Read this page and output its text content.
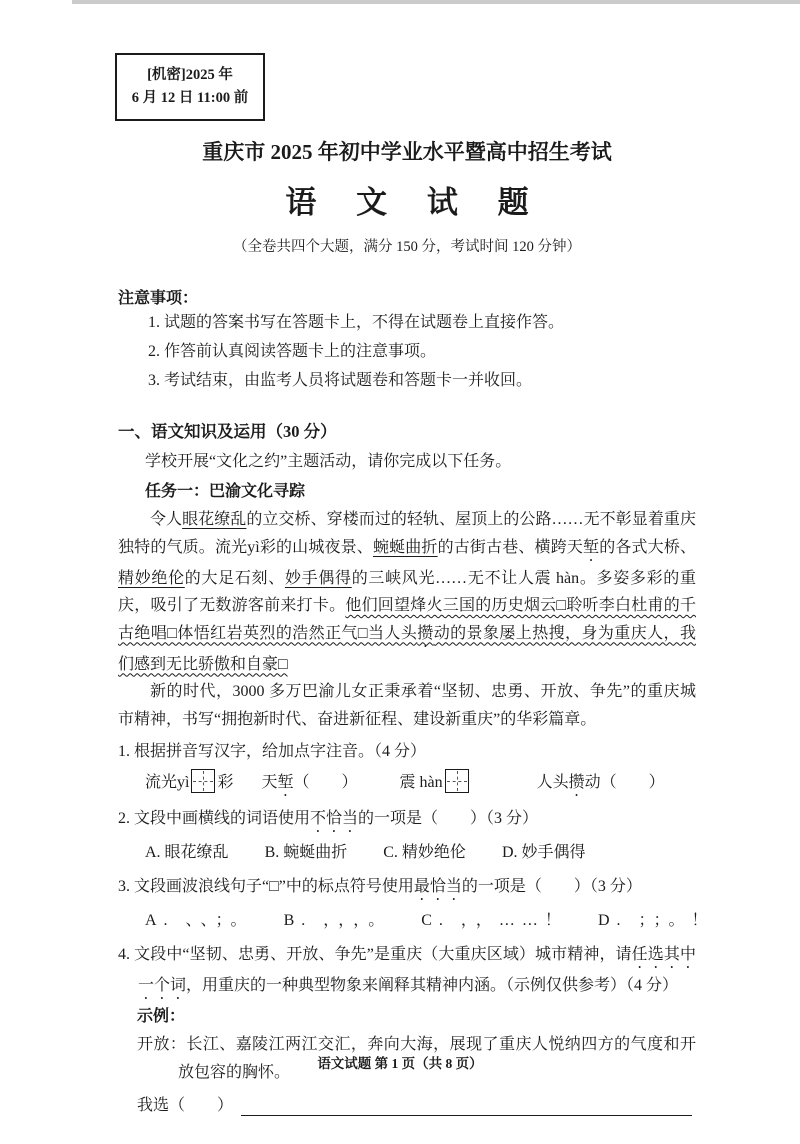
[机密]2025 年
6 月 12 日 11:00 前
重庆市 2025 年初中学业水平暨高中招生考试
语 文 试 题
（全卷共四个大题，满分 150 分，考试时间 120 分钟）
注意事项：
1. 试题的答案书写在答题卡上，不得在试题卷上直接作答。
2. 作答前认真阅读答题卡上的注意事项。
3. 考试结束，由监考人员将试题卷和答题卡一并收回。
一、语文知识及运用（30 分）
学校开展“文化之约”主题活动，请你完成以下任务。
任务一：巴渝文化寻踪

令人眼花缭乱的立交桥、穿楼而过的轻轨、屋顶上的公路……无不彰显着重庆独特的气质。流光yì彩的山城夜景、蜿蜒曲折的古街古巷、横跨天堑的各式大桥、精妙绝伦的大足石刻、妙手偶得的三峡风光……无不让人震 hàn。多姿多彩的重庆，吸引了无数游客前来打卡。他们回望烽火三国的历史烟云□聆听李白杜甫的千古绝唱□体悟红岩英烈的浩然正气□当人头攒动的景象屡上热搜，身为重庆人，我们感到无比骄傲和自豪□

新的时代，3000 多万巴渝儿女正秉承着“坚韧、忠勇、开放、争先”的重庆城市精神，书写“拥抱新时代、奋进新征程、建设新重庆”的华彩篇章。

1. 根据拼音写汉字，给加点字注音。（4 分）
流光yì 彩 天堑（　　）	震 hàn	人头攒动（　　）
2. 文段中画横线的词语使用不恰当的一项是（　　）（3 分）
A. 眼花缭乱 B. 蜿蜒曲折 C. 精妙绝伦 D. 妙手偶得
3. 文段画波浪线句子“□”中的标点符号使用最恰当的一项是（　　）（3 分）
A. 、、；。 B. ，，，。 C. ，，……！ D. ；；。！
4. 文段中“坚韧、忠勇、开放、争先”是重庆（大重庆区域）城市精神，请任选其中一个词，用重庆的一种典型物象来阐释其精神内涵。（示例仅供参考）（4 分）
示例：
开放：长江、嘉陵江两江交汇，奔向大海，展现了重庆人悦纳四方的气度和开放包容的胸怀。
我选（　　）
语文试题 第 1 页（共 8 页）
